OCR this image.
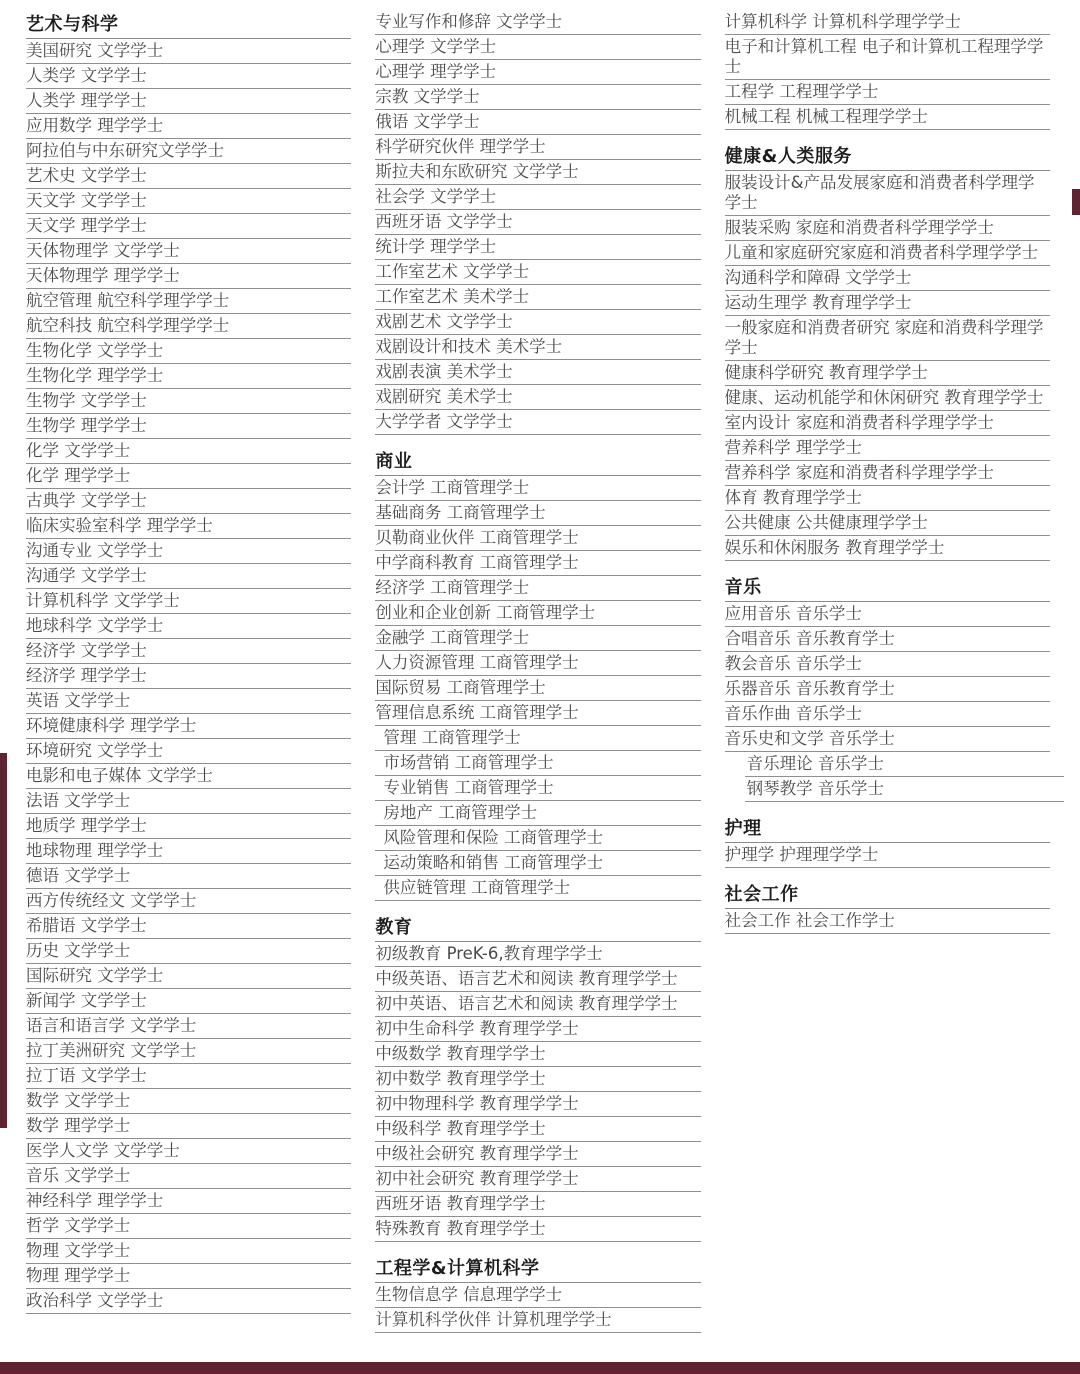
艺术与科学
美国研究 文学学士
人类学 文学学士
人类学 理学学士
应用数学 理学学士
阿拉伯与中东研究文学学士
艺术史 文学学士
天文学 文学学士
天文学 理学学士
天体物理学 文学学士
天体物理学 理学学士
航空管理 航空科学理学学士
航空科技 航空科学理学学士
生物化学 文学学士
生物化学 理学学士
生物学 文学学士
生物学 理学学士
化学 文学学士
化学 理学学士
古典学 文学学士
临床实验室科学 理学学士
沟通专业 文学学士
沟通学 文学学士
计算机科学 文学学士
地球科学 文学学士
经济学 文学学士
经济学 理学学士
英语 文学学士
环境健康科学 理学学士
环境研究 文学学士
电影和电子媒体 文学学士
法语 文学学士
地质学 理学学士
地球物理 理学学士
德语 文学学士
西方传统经文 文学学士
希腊语 文学学士
历史 文学学士
国际研究 文学学士
新闻学 文学学士
语言和语言学 文学学士
拉丁美洲研究 文学学士
拉丁语 文学学士
数学 文学学士
数学 理学学士
医学人文学 文学学士
音乐 文学学士
神经科学 理学学士
哲学 文学学士
物理 文学学士
物理 理学学士
政治科学 文学学士
专业写作和修辞 文学学士
心理学 文学学士
心理学 理学学士
宗教 文学学士
俄语 文学学士
科学研究伙伴 理学学士
斯拉夫和东欧研究 文学学士
社会学 文学学士
西班牙语 文学学士
统计学 理学学士
工作室艺术 文学学士
工作室艺术 美术学士
戏剧艺术 文学学士
戏剧设计和技术 美术学士
戏剧表演 美术学士
戏剧研究 美术学士
大学学者 文学学士
商业
会计学 工商管理学士
基础商务 工商管理学士
贝勒商业伙伴 工商管理学士
中学商科教育 工商管理学士
经济学 工商管理学士
创业和企业创新 工商管理学士
金融学 工商管理学士
人力资源管理 工商管理学士
国际贸易 工商管理学士
管理信息系统 工商管理学士
管理 工商管理学士
市场营销 工商管理学士
专业销售 工商管理学士
房地产 工商管理学士
风险管理和保险 工商管理学士
运动策略和销售 工商管理学士
供应链管理 工商管理学士
教育
初级教育 PreK-6,教育理学学士
中级英语、语言艺术和阅读 教育理学学士
初中英语、语言艺术和阅读 教育理学学士
初中生命科学 教育理学学士
中级数学 教育理学学士
初中数学 教育理学学士
初中物理科学 教育理学学士
中级科学 教育理学学士
中级社会研究 教育理学学士
初中社会研究 教育理学学士
西班牙语 教育理学学士
特殊教育 教育理学学士
工程学&计算机科学
生物信息学 信息理学学士
计算机科学伙伴 计算机理学学士
计算机科学 计算机科学理学学士
电子和计算机工程 电子和计算机工程理学学士
工程学 工程理学学士
机械工程 机械工程理学学士
健康&人类服务
服装设计&产品发展家庭和消费者科学理学学士
服装采购 家庭和消费者科学理学学士
儿童和家庭研究家庭和消费者科学理学学士
沟通科学和障碍 文学学士
运动生理学 教育理学学士
一般家庭和消费者研究 家庭和消费科学理学学士
健康科学研究 教育理学学士
健康、运动机能学和休闲研究 教育理学学士
室内设计 家庭和消费者科学理学学士
营养科学 理学学士
营养科学 家庭和消费者科学理学学士
体育 教育理学学士
公共健康 公共健康理学学士
娱乐和休闲服务 教育理学学士
音乐
应用音乐 音乐学士
合唱音乐 音乐教育学士
教会音乐 音乐学士
乐器音乐 音乐教育学士
音乐作曲 音乐学士
音乐史和文学 音乐学士
音乐理论 音乐学士
钢琴教学 音乐学士
护理
护理学 护理理学学士
社会工作
社会工作 社会工作学士
